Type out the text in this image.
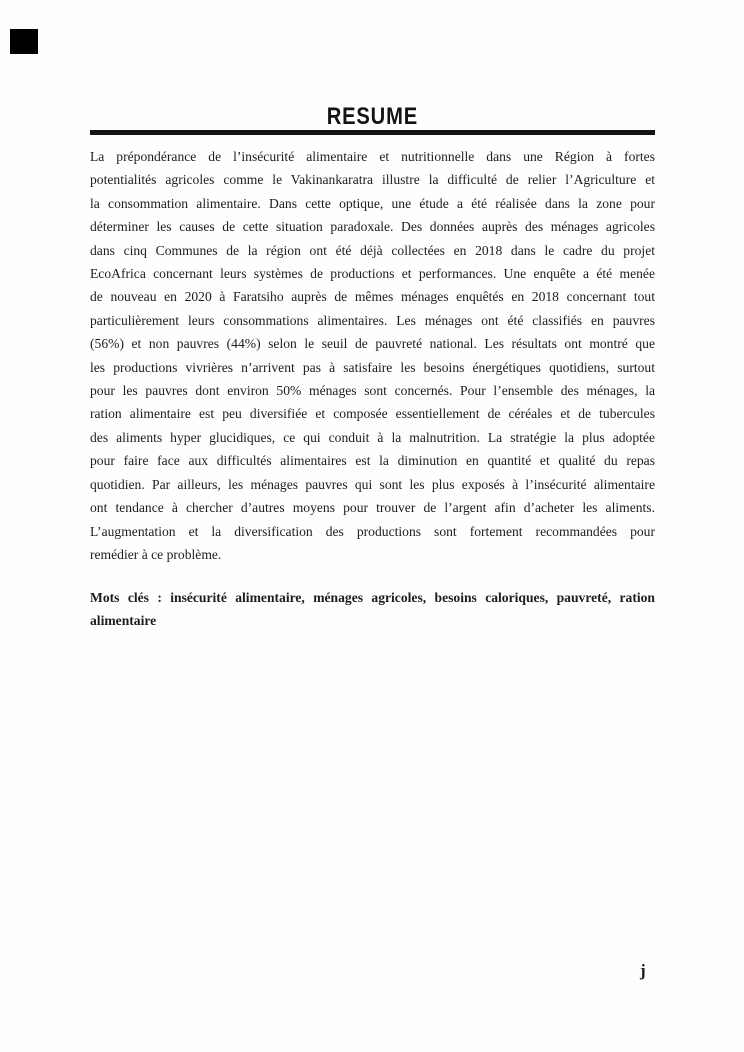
RESUME
La prépondérance de l’insécurité alimentaire et nutritionnelle dans une Région à fortes
potentialités agricoles comme le Vakinankaratra illustre la difficulté de relier l’Agriculture et
la consommation alimentaire. Dans cette optique, une étude a été réalisée dans la zone pour
déterminer les causes de cette situation paradoxale. Des données auprès des ménages agricoles
dans cinq Communes de la région ont été déjà collectées en 2018 dans le cadre du projet
EcoAfrica concernant leurs systèmes de productions et performances. Une enquête a été menée
de nouveau en 2020 à Faratsiho auprès de mêmes ménages enquêtés en 2018 concernant tout
particulièrement leurs consommations alimentaires. Les ménages ont été classifiés en pauvres
(56%) et non pauvres (44%) selon le seuil de pauvreté national. Les résultats ont montré que
les productions vivrières n’arrivent pas à satisfaire les besoins énergétiques quotidiens, surtout
pour les pauvres dont environ 50% ménages sont concernés. Pour l’ensemble des ménages, la
ration alimentaire est peu diversifiée et composée essentiellement de céréales et de tubercules
des aliments hyper glucidiques, ce qui conduit à la malnutrition. La stratégie la plus adoptée
pour faire face aux difficultés alimentaires est la diminution en quantité et qualité du repas
quotidien. Par ailleurs, les ménages pauvres qui sont les plus exposés à l’insécurité alimentaire
ont tendance à chercher d’autres moyens pour trouver de l’argent afin d’acheter les aliments.
L’augmentation et la diversification des productions sont fortement recommandées pour
remédier à ce problème.
Mots clés : insécurité alimentaire, ménages agricoles, besoins caloriques, pauvreté, ration
alimentaire
j
